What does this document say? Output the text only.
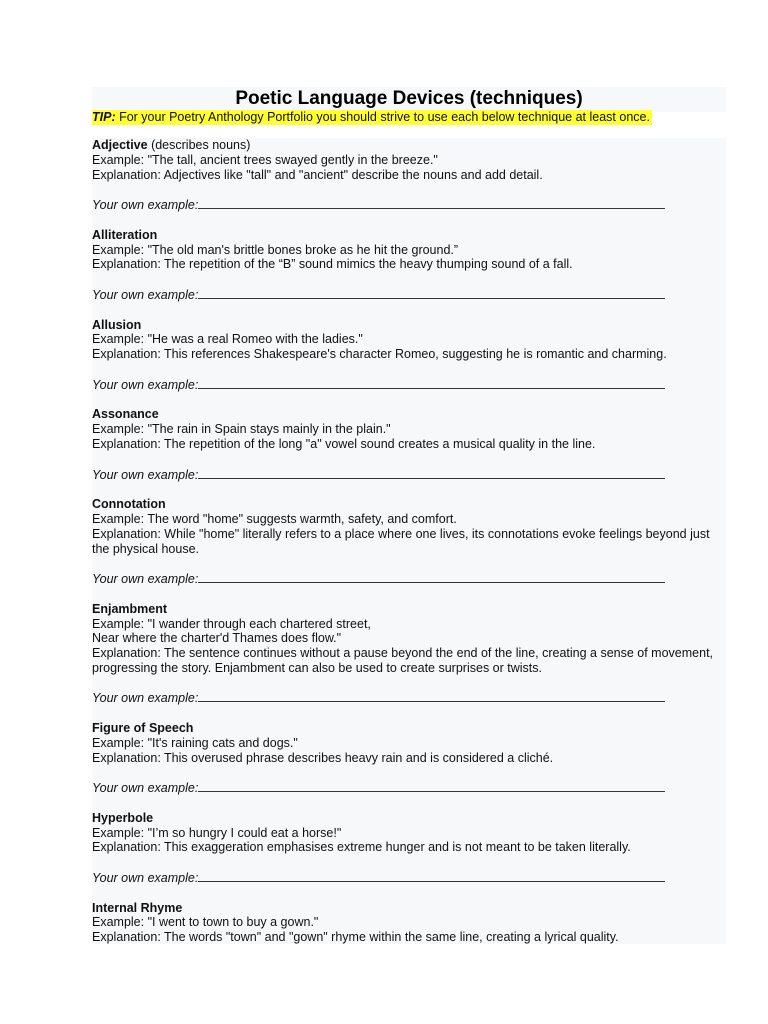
Poetic Language Devices (techniques)
TIP: For your Poetry Anthology Portfolio you should strive to use each below technique at least once.

Adjective (describes nouns)

Example: "The tall, ancient trees swayed gently in the breeze."

Explanation: Adjectives like "tall" and "ancient" describe the nouns and add detail.

Your own example:

Alliteration

Example: "The old man's brittle bones broke as he hit the ground.”

Explanation: The repetition of the “B” sound mimics the heavy thumping sound of a fall.

Your own example:

Allusion

Example: "He was a real Romeo with the ladies."

Explanation: This references Shakespeare's character Romeo, suggesting he is romantic and charming.

Your own example:

Assonance

Example: "The rain in Spain stays mainly in the plain."

Explanation: The repetition of the long "a" vowel sound creates a musical quality in the line.

Your own example:

Connotation

Example: The word "home" suggests warmth, safety, and comfort.

Explanation: While "home" literally refers to a place where one lives, its connotations evoke feelings beyond just the physical house.

Your own example:

Enjambment

Example: "I wander through each chartered street,

Near where the charter'd Thames does flow."

Explanation: The sentence continues without a pause beyond the end of the line, creating a sense of movement, progressing the story. Enjambment can also be used to create surprises or twists.

Your own example:

Figure of Speech

Example: "It's raining cats and dogs."

Explanation: This overused phrase describes heavy rain and is considered a cliché.

Your own example:

Hyperbole

Example: "I’m so hungry I could eat a horse!"

Explanation: This exaggeration emphasises extreme hunger and is not meant to be taken literally.

Your own example:

Internal Rhyme

Example: "I went to town to buy a gown."

Explanation: The words "town" and "gown" rhyme within the same line, creating a lyrical quality.
